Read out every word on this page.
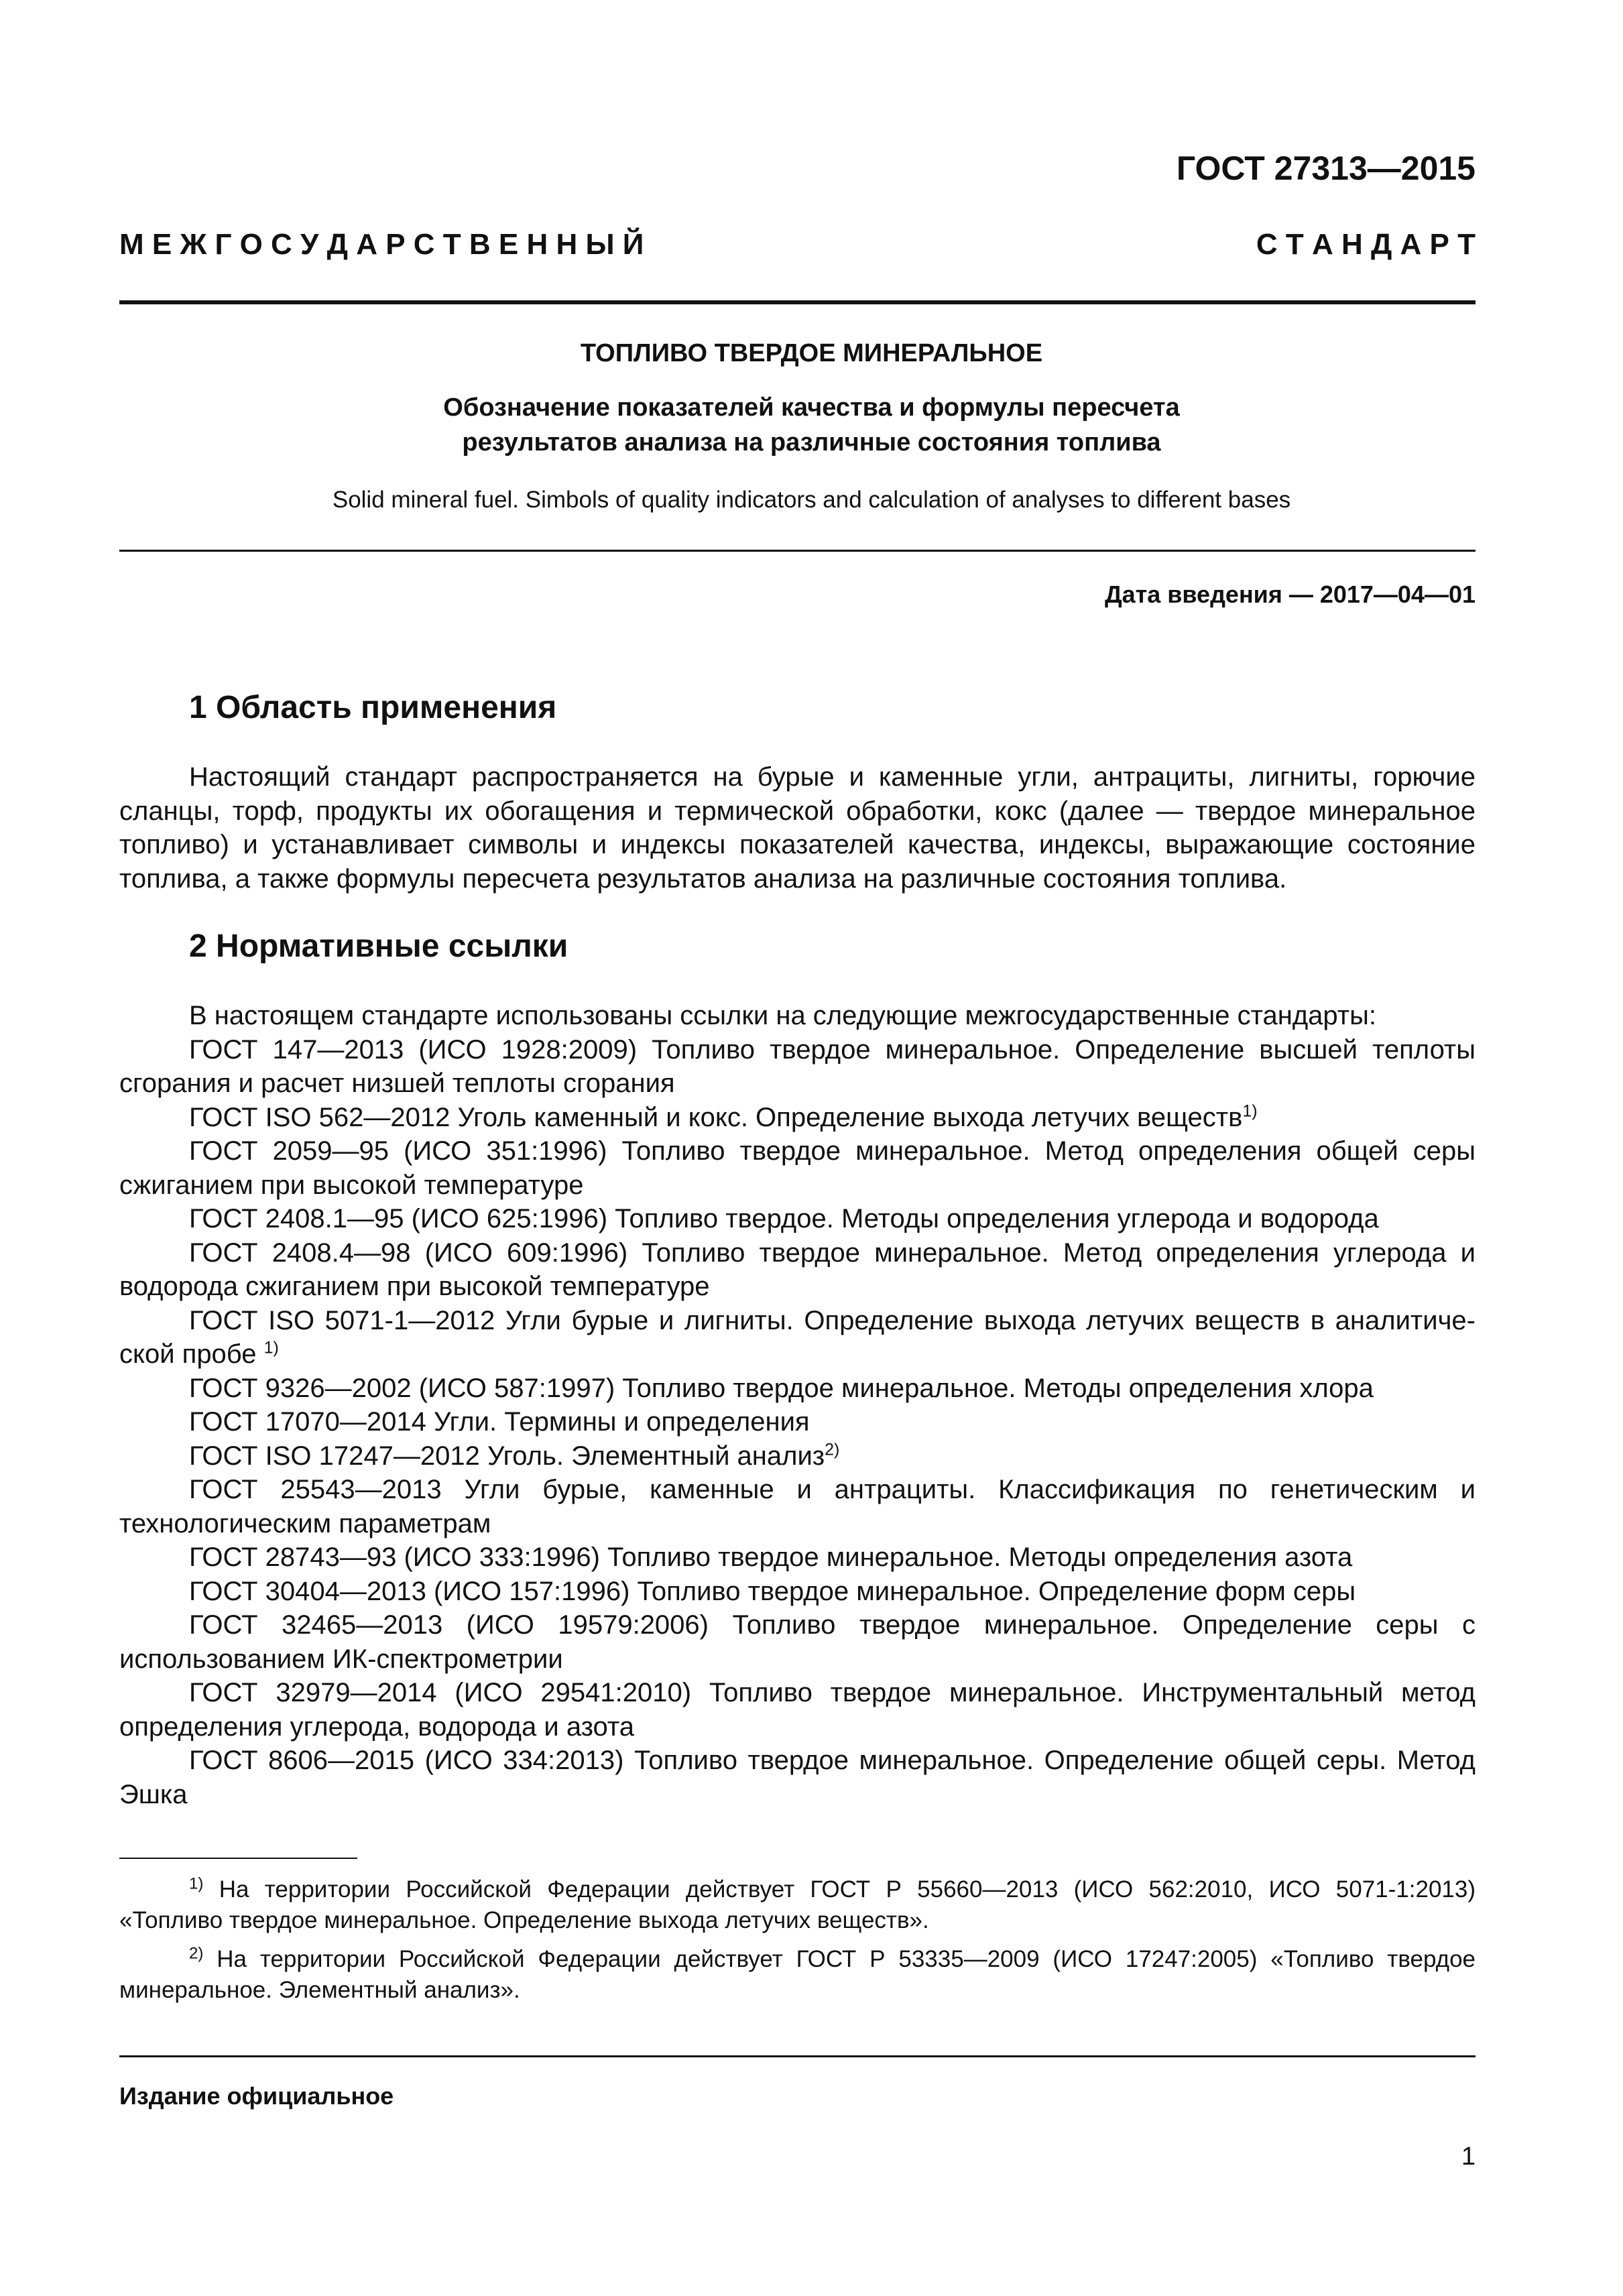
ГОСТ 27313—2015
М Е Ж Г О С У Д А Р С Т В Е Н Н Ы Й	С Т А Н Д А Р Т
ТОПЛИВО ТВЕРДОЕ МИНЕРАЛЬНОЕ
Обозначение показателей качества и формулы пересчета
результатов анализа на различные состояния топлива
Solid mineral fuel. Simbols of quality indicators and calculation of analyses to different bases
Дата введения — 2017—04—01
1 Область применения

Настоящий стандарт распространяется на бурые и каменные угли, антрациты, лигниты, горючие сланцы, торф, продукты их обогащения и термической обработки, кокс (далее — твердое минеральное топливо) и устанавливает символы и индексы показателей качества, индексы, выражающие состояние топлива, а также формулы пересчета результатов анализа на различные состояния топлива.

2 Нормативные ссылки

В настоящем стандарте использованы ссылки на следующие межгосударственные стандарты:

ГОСТ 147—2013 (ИСО 1928:2009) Топливо твердое минеральное. Определение высшей теплоты сгорания и расчет низшей теплоты сгорания

ГОСТ ISO 562—2012 Уголь каменный и кокс. Определение выхода летучих веществ$^{1)}$

ГОСТ 2059—95 (ИСО 351:1996) Топливо твердое минеральное. Метод определения общей серы сжиганием при высокой температуре

ГОСТ 2408.1—95 (ИСО 625:1996) Топливо твердое. Методы определения углерода и водорода

ГОСТ 2408.4—98 (ИСО 609:1996) Топливо твердое минеральное. Метод определения углерода и водорода сжиганием при высокой температуре

ГОСТ ISO 5071-1—2012 Угли бурые и лигниты. Определение выхода летучих веществ в аналитической пробе $^{1)}$

ГОСТ 9326—2002 (ИСО 587:1997) Топливо твердое минеральное. Методы определения хлора

ГОСТ 17070—2014 Угли. Термины и определения

ГОСТ ISO 17247—2012 Уголь. Элементный анализ$^{2)}$

ГОСТ 25543—2013 Угли бурые, каменные и антрациты. Классификация по генетическим и технологическим параметрам

ГОСТ 28743—93 (ИСО 333:1996) Топливо твердое минеральное. Методы определения азота

ГОСТ 30404—2013 (ИСО 157:1996) Топливо твердое минеральное. Определение форм серы

ГОСТ 32465—2013 (ИСО 19579:2006) Топливо твердое минеральное. Определение серы с использованием ИК-спектрометрии

ГОСТ 32979—2014 (ИСО 29541:2010) Топливо твердое минеральное. Инструментальный метод определения углерода, водорода и азота

ГОСТ 8606—2015 (ИСО 334:2013) Топливо твердое минеральное. Определение общей серы. Метод Эшка

$^{1)}$ На территории Российской Федерации действует ГОСТ Р 55660—2013 (ИСО 562:2010, ИСО 5071-1:2013) «Топливо твердое минеральное. Определение выхода летучих веществ».

$^{2)}$ На территории Российской Федерации действует ГОСТ Р 53335—2009 (ИСО 17247:2005) «Топливо твердое минеральное. Элементный анализ».

Издание официальное
1
